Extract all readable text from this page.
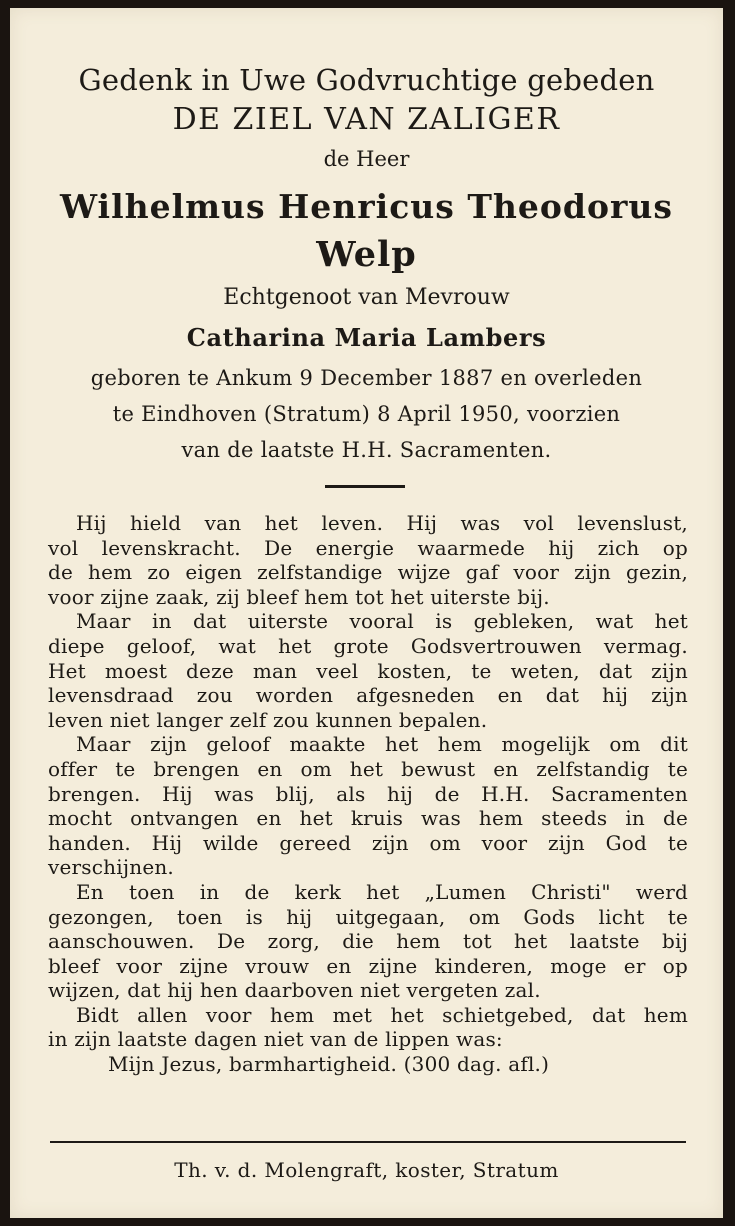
Gedenk in Uwe Godvruchtige gebeden
DE ZIEL VAN ZALIGER
de Heer
Wilhelmus Henricus Theodorus
Welp
Echtgenoot van Mevrouw
Catharina Maria Lambers
geboren te Ankum 9 December 1887 en overleden
te Eindhoven (Stratum) 8 April 1950, voorzien
van de laatste H.H. Sacramenten.
Hij hield van het leven. Hij was vol levenslust,
vol levenskracht. De energie waarmede hij zich op
de hem zo eigen zelfstandige wijze gaf voor zijn gezin,
voor zijne zaak, zij bleef hem tot het uiterste bij.
Maar in dat uiterste vooral is gebleken, wat het
diepe geloof, wat het grote Godsvertrouwen vermag.
Het moest deze man veel kosten, te weten, dat zijn
levensdraad zou worden afgesneden en dat hij zijn
leven niet langer zelf zou kunnen bepalen.
Maar zijn geloof maakte het hem mogelijk om dit
offer te brengen en om het bewust en zelfstandig te
brengen. Hij was blij, als hij de H.H. Sacramenten
mocht ontvangen en het kruis was hem steeds in de
handen. Hij wilde gereed zijn om voor zijn God te
verschijnen.
En toen in de kerk het „Lumen Christi" werd
gezongen, toen is hij uitgegaan, om Gods licht te
aanschouwen. De zorg, die hem tot het laatste bij
bleef voor zijne vrouw en zijne kinderen, moge er op
wijzen, dat hij hen daarboven niet vergeten zal.
Bidt allen voor hem met het schietgebed, dat hem
in zijn laatste dagen niet van de lippen was:
Mijn Jezus, barmhartigheid. (300 dag. afl.)
Th. v. d. Molengraft, koster, Stratum
